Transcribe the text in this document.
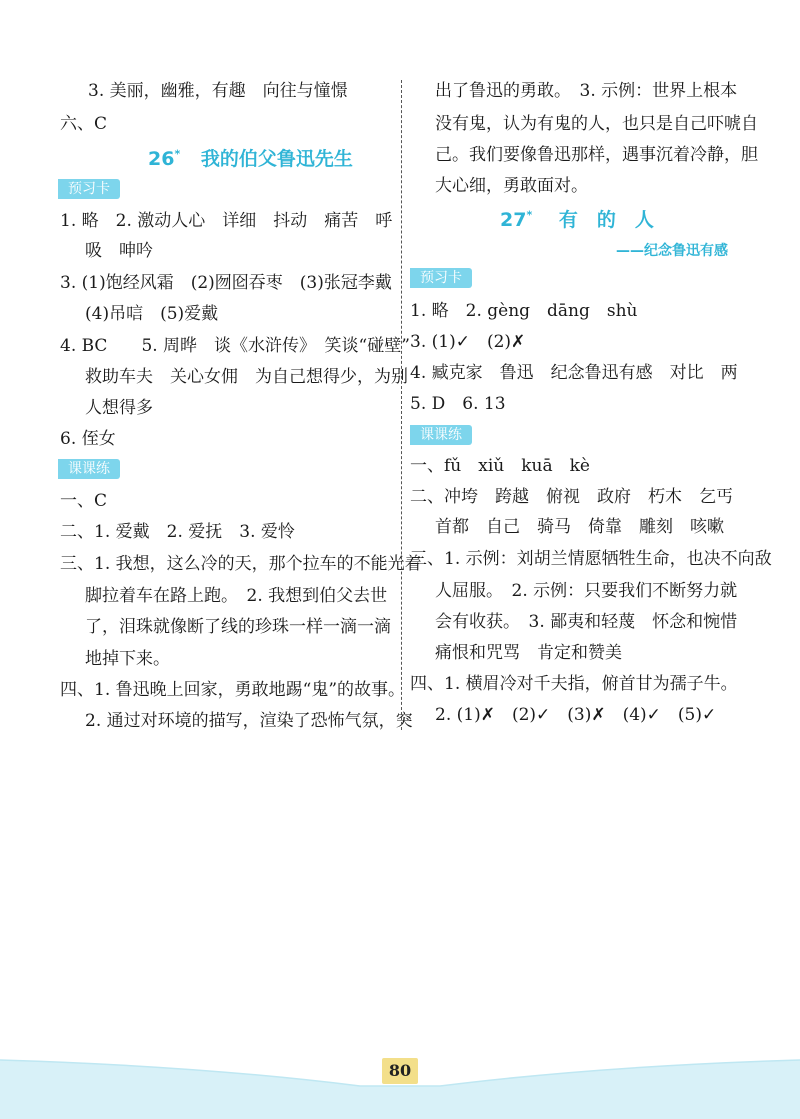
3. 美丽，幽雅，有趣　向往与憧憬
六、C
26* 我的伯父鲁迅先生
预习卡
1. 略　2. 激动人心　详细　抖动　痛苦　呼
吸　呻吟
3. (1)饱经风霜　(2)囫囵吞枣　(3)张冠李戴
(4)吊唁　(5)爱戴
4. BC　　5. 周晔　谈《水浒传》　笑谈“碰壁”
救助车夫　关心女佣　为自己想得少，为别
人想得多
6. 侄女
课课练
一、C
二、1. 爱戴　2. 爱抚　3. 爱怜
三、1. 我想，这么冷的天，那个拉车的不能光着
脚拉着车在路上跑。　2. 我想到伯父去世
了，泪珠就像断了线的珍珠一样一滴一滴
地掉下来。
四、1. 鲁迅晚上回家，勇敢地踢“鬼”的故事。
2. 通过对环境的描写，渲染了恐怖气氛，突
出了鲁迅的勇敢。　3. 示例：世界上根本
没有鬼，认为有鬼的人，也只是自己吓唬自
己。我们要像鲁迅那样，遇事沉着冷静，胆
大心细，勇敢面对。
27* 有　的　人
——纪念鲁迅有感
预习卡
1. 略　2. gèng　dāng　shù
3. (1)✓　(2)✗
4. 臧克家　鲁迅　纪念鲁迅有感　对比　两
5. D　6. 13
课课练
一、fǔ　xiǔ　kuā　kè
二、冲垮　跨越　俯视　政府　朽木　乞丐
首都　自己　骑马　倚靠　雕刻　咳嗽
三、1. 示例：刘胡兰情愿牺牲生命，也决不向敌
人屈服。　2. 示例：只要我们不断努力就
会有收获。　3. 鄙夷和轻蔑　怀念和惋惜
痛恨和咒骂　肯定和赞美
四、1. 横眉冷对千夫指，俯首甘为孺子牛。
2. (1)✗　(2)✓　(3)✗　(4)✓　(5)✓
80
